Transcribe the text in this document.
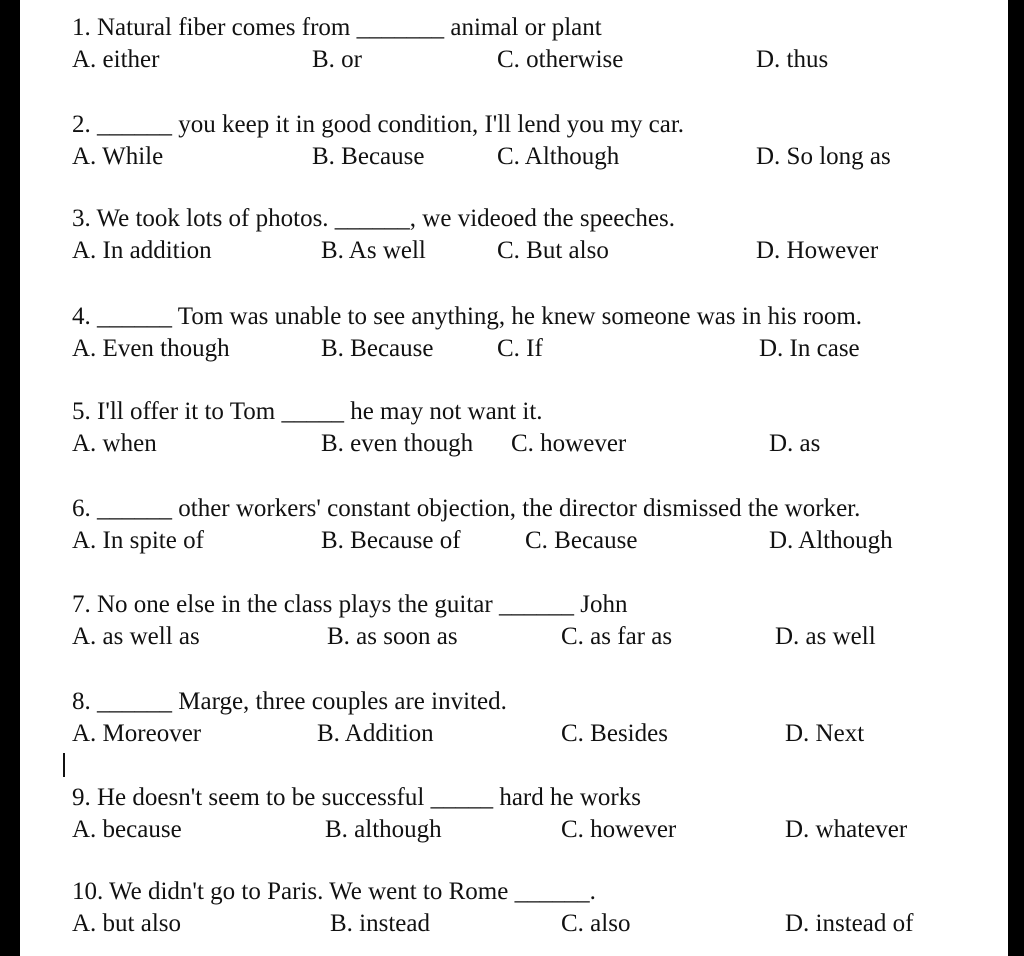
1. Natural fiber comes from _______ animal or plant
A. either	B. or	C. otherwise	D. thus
2. ______ you keep it in good condition, I'll lend you my car.
A. While	B. Because	C. Although	D. So long as
3. We took lots of photos. ______, we videoed the speeches.
A. In addition	B. As well	C. But also	D. However
4. ______ Tom was unable to see anything, he knew someone was in his room.
A. Even though	B. Because	C. If	D. In case
5. I'll offer it to Tom _____ he may not want it.
A. when	B. even though C. however	D. as
6. ______ other workers' constant objection, the director dismissed the worker.
A. In spite of	B. Because of	C. Because	D. Although
7. No one else in the class plays the guitar ______ John
A. as well as	B. as soon as	C. as far as	D. as well
8. ______ Marge, three couples are invited.
A. Moreover	B. Addition	C. Besides	D. Next
9. He doesn't seem to be successful _____ hard he works
A. because	B. although	C. however	D. whatever
10. We didn't go to Paris. We went to Rome ______.
A. but also	B. instead	C. also	D. instead of
